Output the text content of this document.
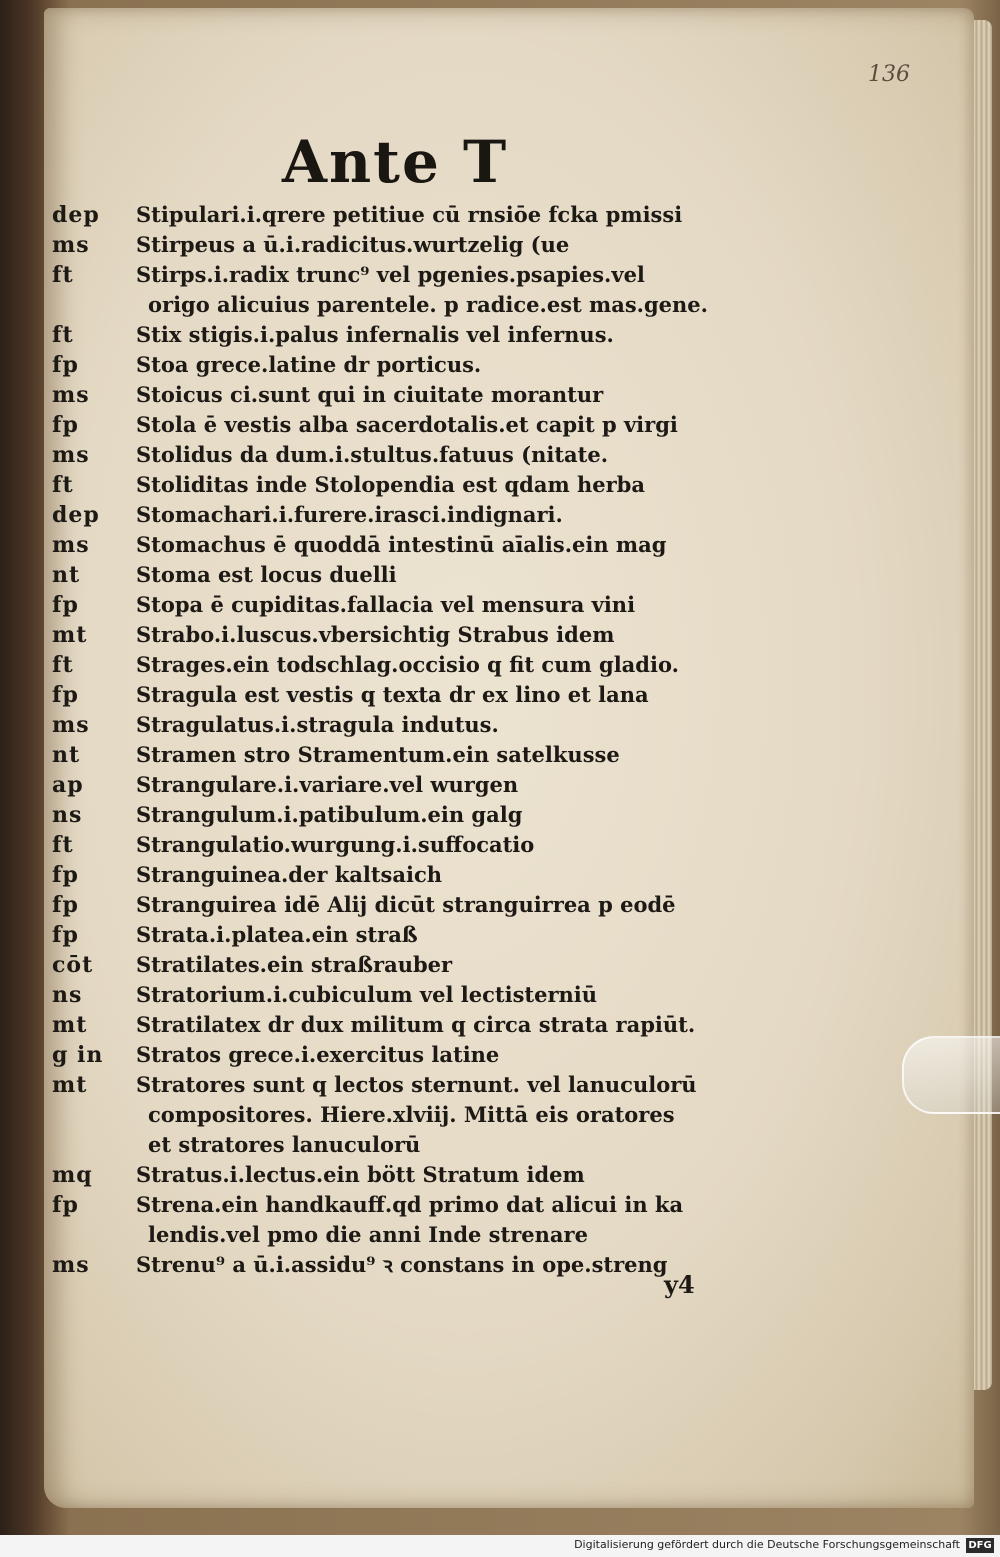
136
Ante T
dep	Stipulari.i.qrere petitiue cū rnsiōe fcka pmissi
ms	Stirpeus a ū.i.radicitus.wurtzelig (ue
ft	Stirps.i.radix trunc⁹ vel pgenies.psapies.vel
origo alicuius parentele. p radice.est mas.gene.
ft	Stix stigis.i.palus infernalis vel infernus.
fp	Stoa grece.latine dr porticus.
ms	Stoicus ci.sunt qui in ciuitate morantur
fp	Stola ē vestis alba sacerdotalis.et capit p virgi
ms	Stolidus da dum.i.stultus.fatuus (nitate.
ft	Stoliditas inde Stolopendia est qdam herba
dep	Stomachari.i.furere.irasci.indignari.
ms	Stomachus ē quoddā intestinū aīalis.ein mag
nt	Stoma est locus duelli
fp	Stopa ē cupiditas.fallacia vel mensura vini
mt	Strabo.i.luscus.vbersichtig Strabus idem
ft	Strages.ein todschlag.occisio q fit cum gladio.
fp	Stragula est vestis q texta dr ex lino et lana
ms	Stragulatus.i.stragula indutus.
nt	Stramen stro Stramentum.ein satelkusse
ap	Strangulare.i.variare.vel wurgen
ns	Strangulum.i.patibulum.ein galg
ft	Strangulatio.wurgung.i.suffocatio
fp	Stranguinea.der kaltsaich
fp	Stranguirea idē Alij dicūt stranguirrea p eodē
fp	Strata.i.platea.ein straß
cōt	Stratilates.ein straßrauber
ns	Stratorium.i.cubiculum vel lectisterniū
mt	Stratilatex dr dux militum q circa strata rapiūt.
g in	Stratos grece.i.exercitus latine
mt	Stratores sunt q lectos sternunt. vel lanuculorū
compositores. Hiere.xlviij. Mittā eis oratores
et stratores lanuculorū
mq	Stratus.i.lectus.ein bött Stratum idem
fp	Strena.ein handkauff.qd primo dat alicui in ka
lendis.vel pmo die anni Inde strenare
ms	Strenu⁹ a ū.i.assidu⁹ ꝛ constans in ope.streng
y4
Digitalisierung gefördert durch die Deutsche Forschungsgemeinschaft DFG
